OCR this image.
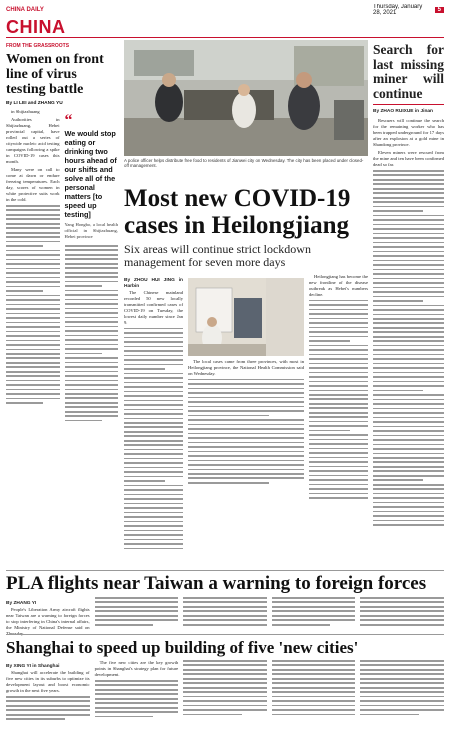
CHINA DAILY	Thursday, January 28, 2021	5
CHINA
FROM THE GRASSROOTS
Women on front line of virus testing battle
By LI LEI and ZHANG YU

in Shijiazhuang

Authorities in Shijiazhuang, Hebei provincial capital, have rolled out a series of citywide nucleic acid testing campaigns following a spike in COVID-19 cases this month.

Many were on call to come at dawn or endure freezing temperatures. Each day, scores of women in white protective suits work in the cold.

“
We would stop eating or drinking two hours ahead of our shifts and solve all of the personal matters [to speed up testing]
Yang Hongbo, a local health official in Shijiazhuang, Hebei province
A police officer helps distribute free food to residents of Jianwei city on Wednesday. The city has been placed under closed-off management.
Most new COVID-19 cases in Heilongjiang
Six areas will continue strict lockdown management for seven more days
By ZHOU HUI JING in Harbin

The Chinese mainland recorded 50 new locally transmitted confirmed cases of COVID-19 on Tuesday, the lowest daily number since Jan 9.

The local cases came from three provinces, with most in Heilongjiang province, the National Health Commission said on Wednesday.

Heilongjiang has become the new frontline of the disease outbreak as Hebei's numbers decline.

Search for last missing miner will continue
By ZHAO RUIXUE in Jinan

Rescuers will continue the search for the remaining worker who has been trapped underground for 17 days after an explosion at a gold mine in Shandong province.

Eleven miners were rescued from the mine and ten have been confirmed dead so far.

PLA flights near Taiwan a warning to foreign forces
By ZHANG YI

People's Liberation Army aircraft flights near Taiwan are a warning to foreign forces to stop interfering in China's internal affairs, the Ministry of National Defense said on Thursday.

Shanghai to speed up building of five 'new cities'
By XING YI in Shanghai

Shanghai will accelerate the building of five new cities in its suburbs to optimize its development layout and boost economic growth in the next five years.

The five new cities are the key growth points in Shanghai's strategy plan for future development.
